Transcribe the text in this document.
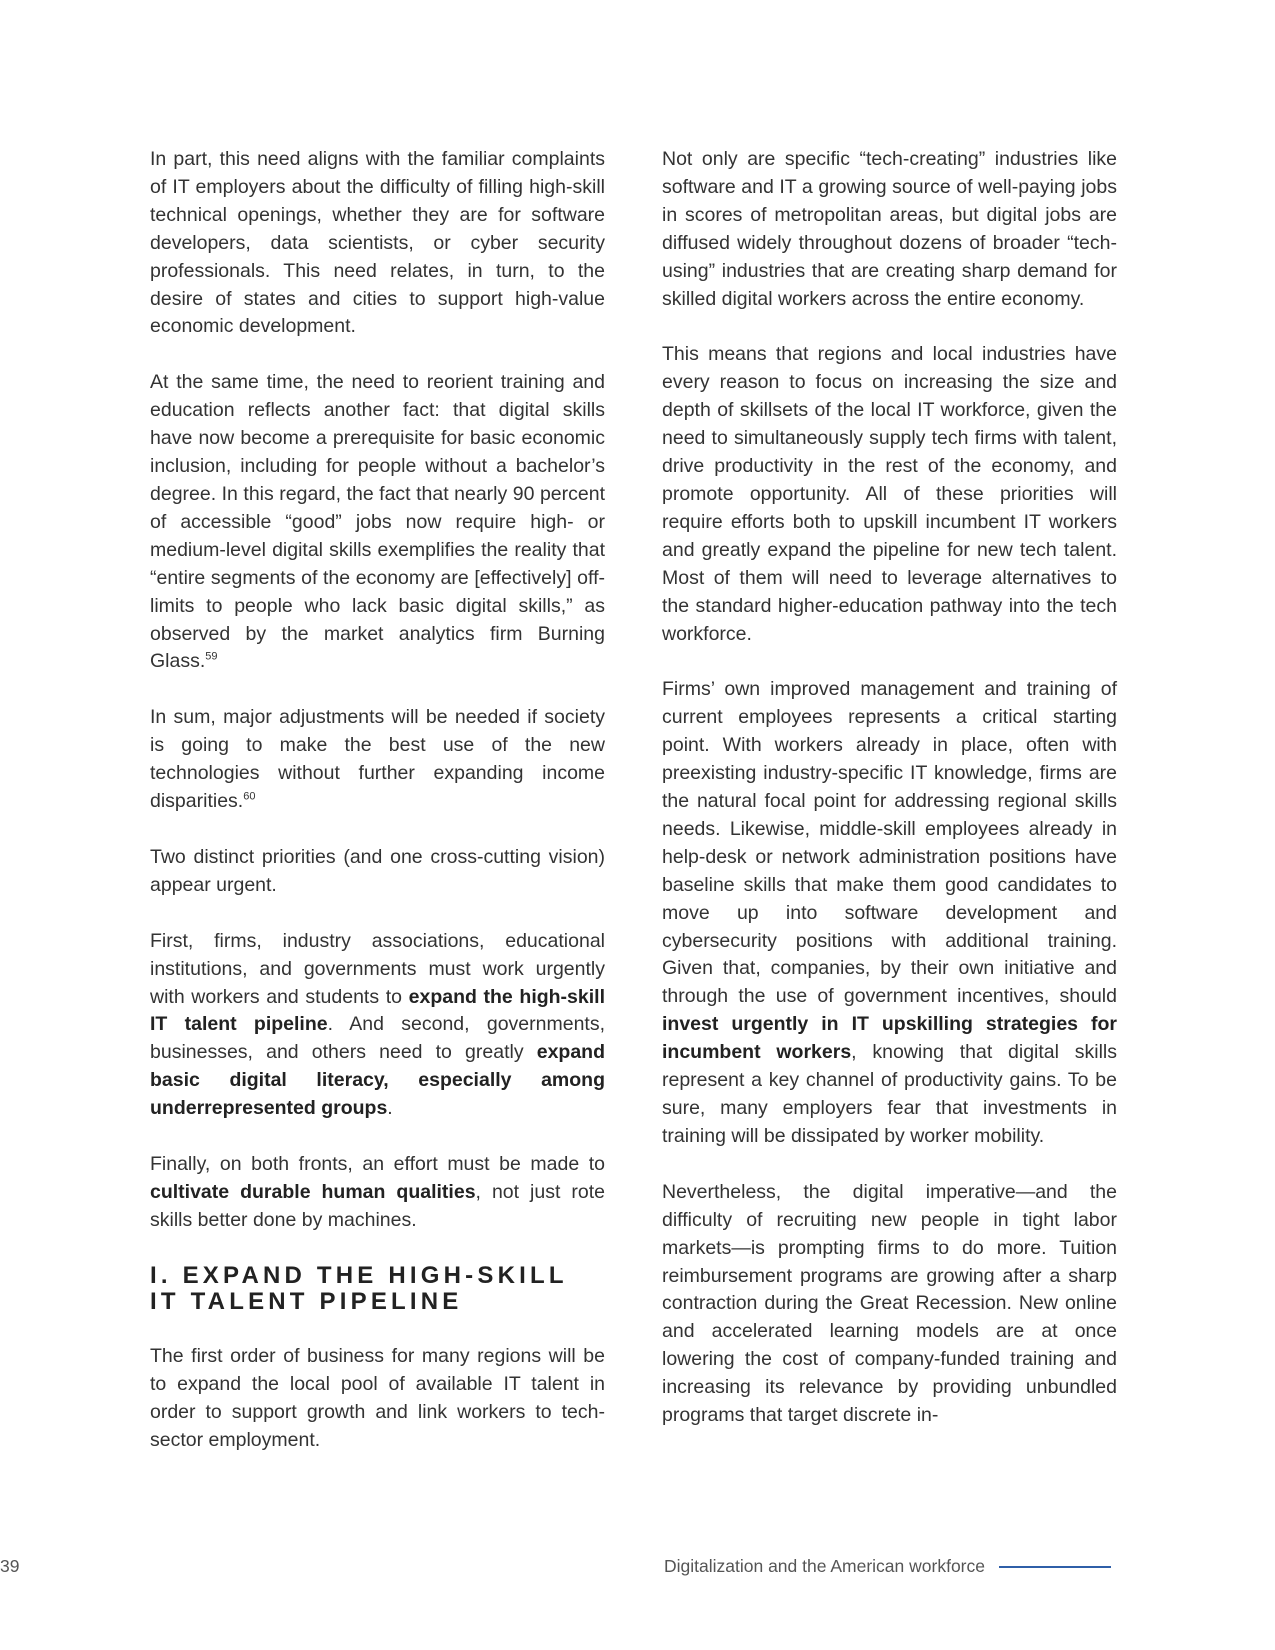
In part, this need aligns with the familiar complaints of IT employers about the difficulty of filling high-skill technical openings, whether they are for software developers, data scientists, or cyber security professionals. This need relates, in turn, to the desire of states and cities to support high-value economic development.

At the same time, the need to reorient training and education reflects another fact: that digital skills have now become a prerequisite for basic economic inclusion, including for people without a bachelor’s degree. In this regard, the fact that nearly 90 percent of accessible “good” jobs now require high- or medium-level digital skills exemplifies the reality that “entire segments of the economy are [effectively] off-limits to people who lack basic digital skills,” as observed by the market analytics firm Burning Glass.$^{59}$

In sum, major adjustments will be needed if society is going to make the best use of the new technologies without further expanding income disparities.$^{60}$

Two distinct priorities (and one cross-cutting vision) appear urgent.

First, firms, industry associations, educational institutions, and governments must work urgently with workers and students to expand the high-skill IT talent pipeline. And second, governments, businesses, and others need to greatly expand basic digital literacy, especially among underrepresented groups.

Finally, on both fronts, an effort must be made to cultivate durable human qualities, not just rote skills better done by machines.

I. EXPAND THE HIGH-SKILL
IT TALENT PIPELINE

The first order of business for many regions will be to expand the local pool of available IT talent in order to support growth and link workers to tech-sector employment.

Not only are specific “tech-creating” industries like software and IT a growing source of well-paying jobs in scores of metropolitan areas, but digital jobs are diffused widely throughout dozens of broader “tech-using” industries that are creating sharp demand for skilled digital workers across the entire economy.

This means that regions and local industries have every reason to focus on increasing the size and depth of skillsets of the local IT workforce, given the need to simultaneously supply tech firms with talent, drive productivity in the rest of the economy, and promote opportunity. All of these priorities will require efforts both to upskill incumbent IT workers and greatly expand the pipeline for new tech talent. Most of them will need to leverage alternatives to the standard higher-education pathway into the tech workforce.

Firms’ own improved management and training of current employees represents a critical starting point. With workers already in place, often with preexisting industry-specific IT knowledge, firms are the natural focal point for addressing regional skills needs. Likewise, middle-skill employees already in help-desk or network administration positions have baseline skills that make them good candidates to move up into software development and cybersecurity positions with additional training. Given that, companies, by their own initiative and through the use of government incentives, should invest urgently in IT upskilling strategies for incumbent workers, knowing that digital skills represent a key channel of productivity gains. To be sure, many employers fear that investments in training will be dissipated by worker mobility.

Nevertheless, the digital imperative—and the difficulty of recruiting new people in tight labor markets—is prompting firms to do more. Tuition reimbursement programs are growing after a sharp contraction during the Great Recession. New online and accelerated learning models are at once lowering the cost of company-funded training and increasing its relevance by providing unbundled programs that target discrete in-

Digitalization and the American workforce
39
